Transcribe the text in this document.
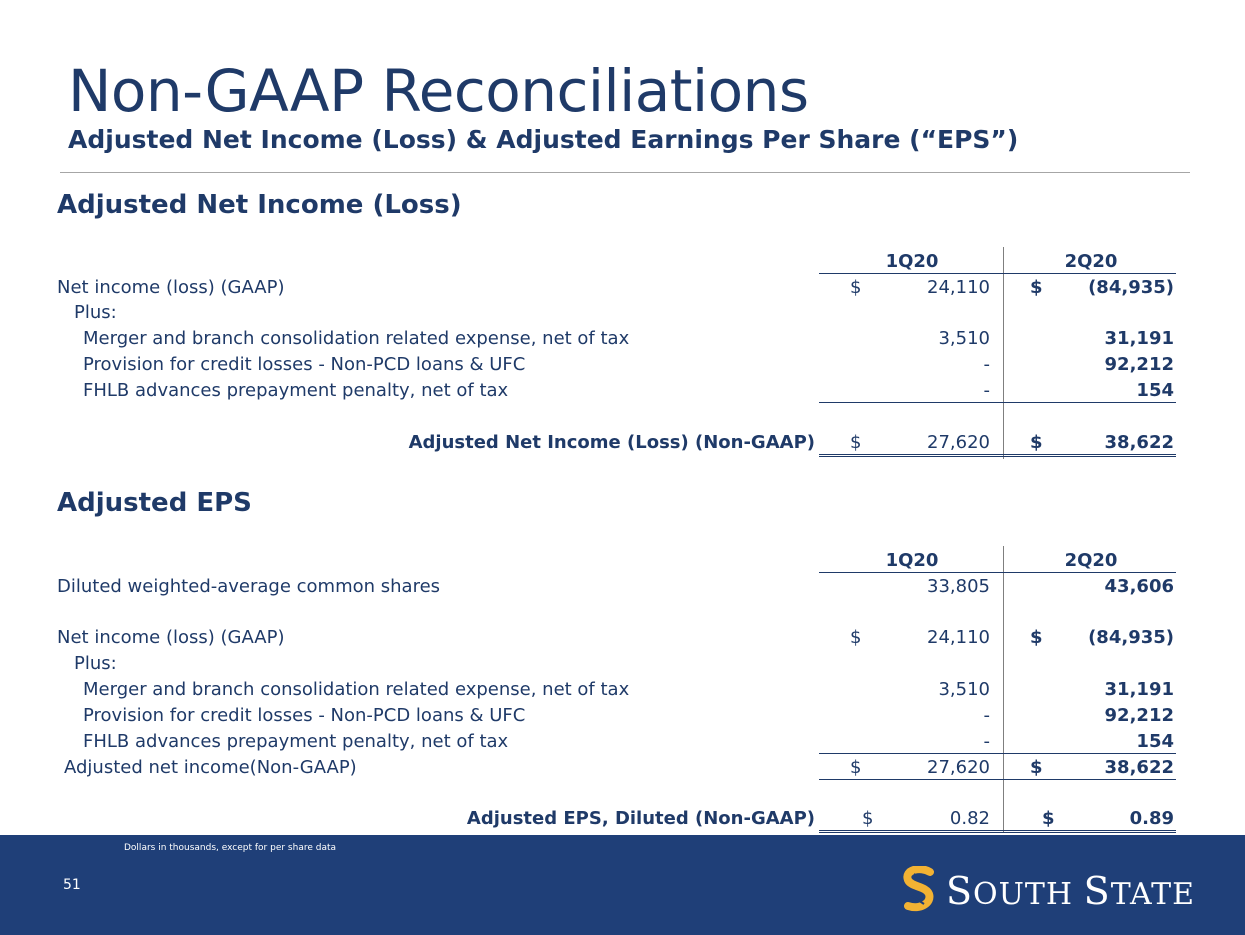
Non-GAAP Reconciliations
Adjusted Net Income (Loss) & Adjusted Earnings Per Share (“EPS”)
Adjusted Net Income (Loss)
1Q20	2Q20
Net income (loss) (GAAP)	$	24,110 $	(84,935)
Plus:
Merger and branch consolidation related expense, net of tax	3,510	31,191
Provision for credit losses - Non-PCD loans & UFC	-	92,212
FHLB advances prepayment penalty, net of tax	-	154
Adjusted Net Income (Loss) (Non-GAAP) $	27,620 $	38,622
Adjusted EPS
1Q20	2Q20
Diluted weighted-average common shares	33,805	43,606
Net income (loss) (GAAP)	$	24,110 $	(84,935)
Plus:
Merger and branch consolidation related expense, net of tax	3,510	31,191
Provision for credit losses - Non-PCD loans & UFC	-	92,212
FHLB advances prepayment penalty, net of tax	-	154
Adjusted net income(Non-GAAP)	$	27,620 $	38,622
Adjusted EPS, Diluted (Non-GAAP)	$	0.82	$	0.89
Dollars in thousands, except for per share data
51	SOUTH STATE
